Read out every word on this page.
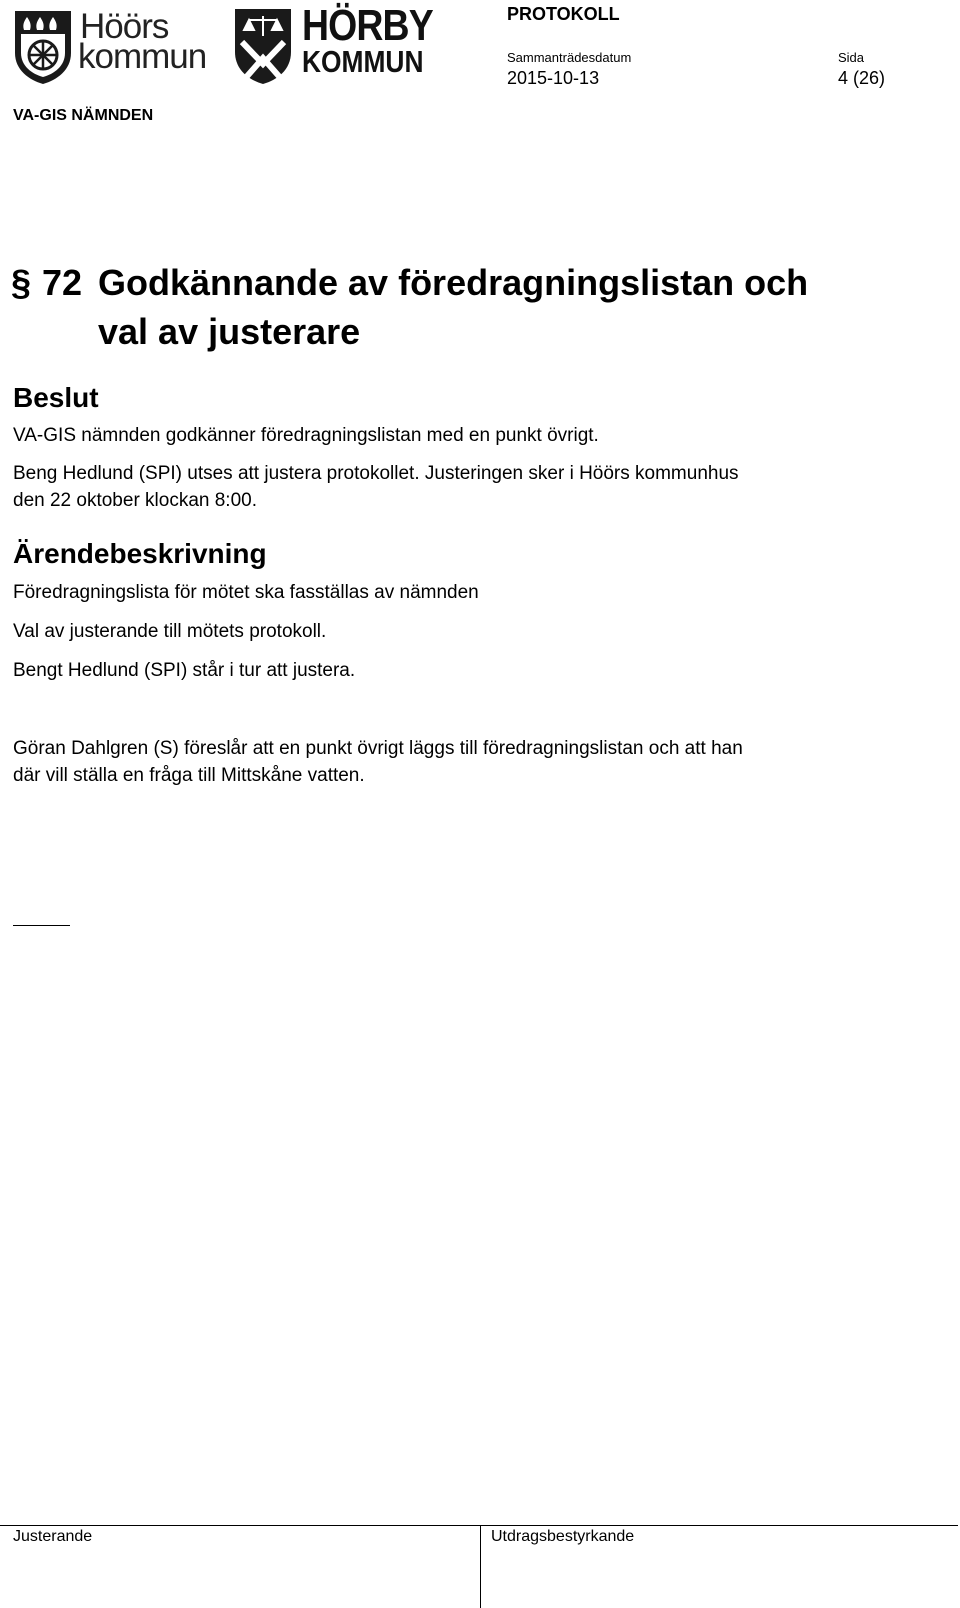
Höörs
kommun
HÖRBY
KOMMUN
PROTOKOLL
Sammanträdesdatum
2015-10-13
Sida
4 (26)
VA-GIS NÄMNDEN
§ 72 Godkännande av föredragningslistan och
val av justerare
Beslut
VA-GIS nämnden godkänner föredragningslistan med en punkt övrigt.
Beng Hedlund (SPI) utses att justera protokollet. Justeringen sker i Höörs kommunhus
den 22 oktober klockan 8:00.
Ärendebeskrivning
Föredragningslista för mötet ska fasställas av nämnden
Val av justerande till mötets protokoll.
Bengt Hedlund (SPI) står i tur att justera.
Göran Dahlgren (S) föreslår att en punkt övrigt läggs till föredragningslistan och att han
där vill ställa en fråga till Mittskåne vatten.
Justerande	Utdragsbestyrkande
